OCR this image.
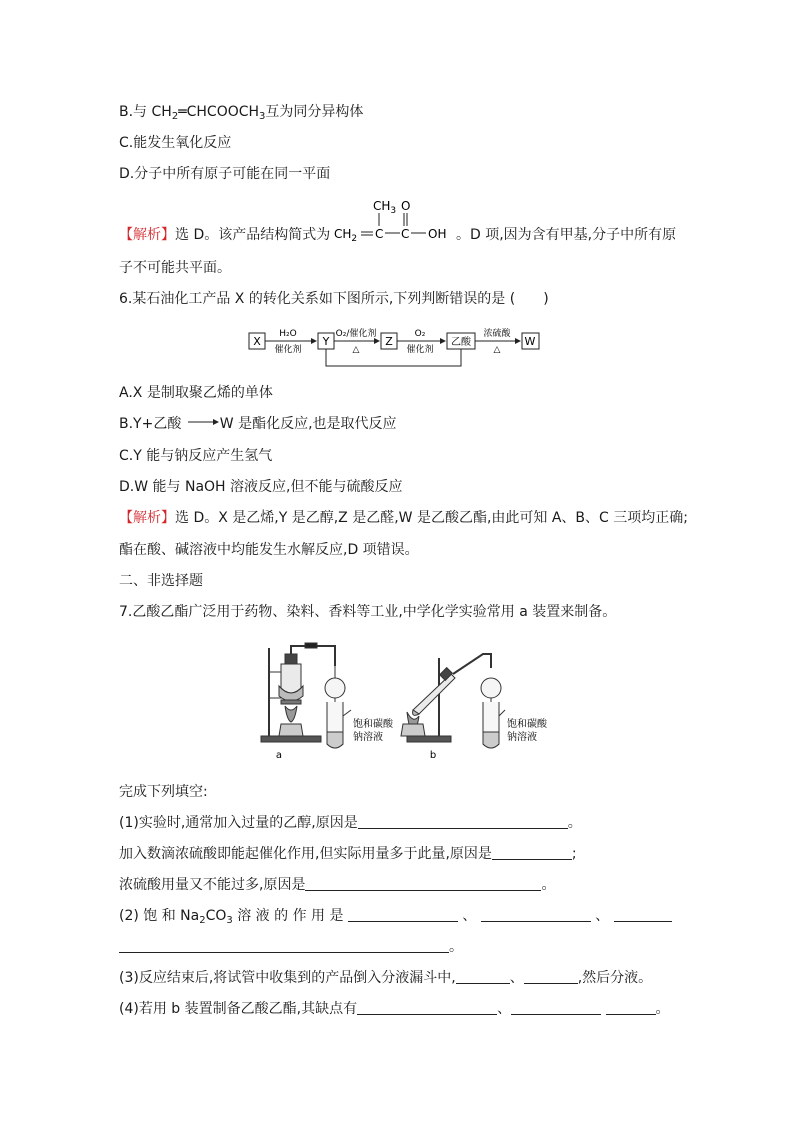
B.与 $CH_2═CHCOOCH_3$互为同分异构体
C.能发生氧化反应
D.分子中所有原子可能在同一平面
【解析】选 D。该产品结构简式为
$CH_3$ O
$CH_2$ C C OH 。D 项,因为含有甲基,分子中所有原
子不可能共平面。
6.某石油化工产品 X 的转化关系如下图所示,下列判断错误的是 (　　)
X
H₂O
催化剂
Y
O₂/催化剂
△
Z
O₂
催化剂
乙酸
浓硫酸
△
W
A.X 是制取聚乙烯的单体
B.Y+乙酸 →W 是酯化反应,也是取代反应
C.Y 能与钠反应产生氢气
D.W 能与 NaOH 溶液反应,但不能与硫酸反应
【解析】选 D。X 是乙烯,Y 是乙醇,Z 是乙醛,W 是乙酸乙酯,由此可知 A、B、C 三项均正确;
酯在酸、碱溶液中均能发生水解反应,D 项错误。
二、非选择题
7.乙酸乙酯广泛用于药物、染料、香料等工业,中学化学实验常用 a 装置来制备。
饱和碳酸
钠溶液
a
饱和碳酸
钠溶液
b
完成下列填空:
(1)实验时,通常加入过量的乙醇,原因是	。
加入数滴浓硫酸即能起催化作用,但实际用量多于此量,原因是	;
浓硫酸用量又不能过多,原因是	。
(2) 饱 和 $Na_2CO_3$ 溶 液 的 作 用 是	、	、
。
(3)反应结束后,将试管中收集到的产品倒入分液漏斗中,	、	,然后分液。
(4)若用 b 装置制备乙酸乙酯,其缺点有	、	。
